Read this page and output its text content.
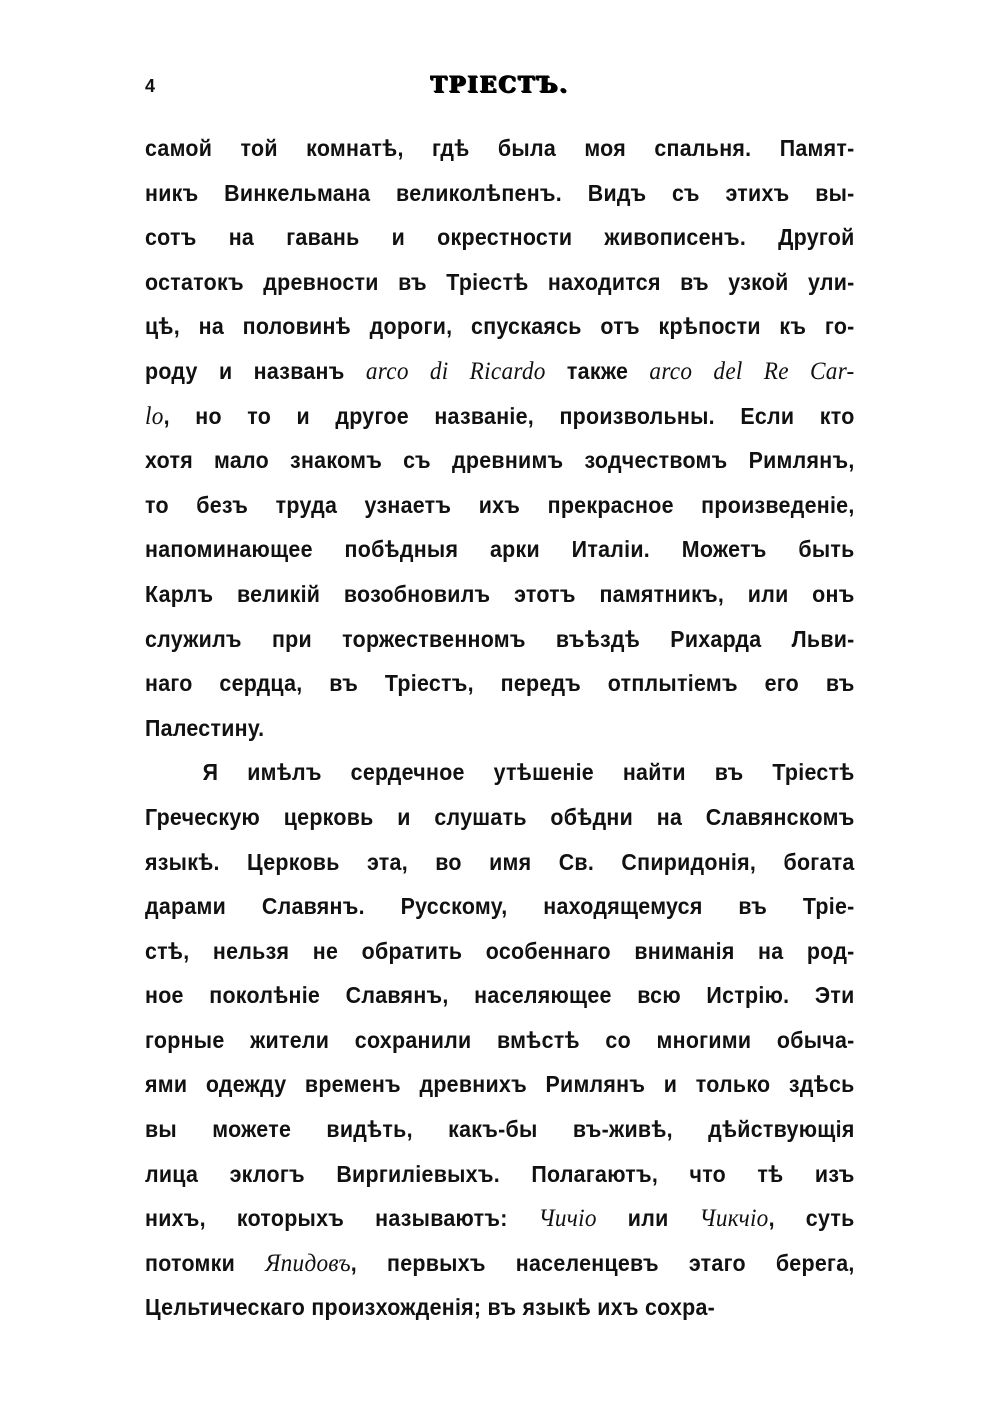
4	ТРІЕСТЪ.
самой той комнатѣ, гдѣ была моя спальня. Памят-
никъ Винкельмана великолѣпенъ. Видъ съ этихъ вы-
сотъ на гавань и окрестности живописенъ. Другой
остатокъ древности въ Тріестѣ находится въ узкой ули-
цѣ, на половинѣ дороги, спускаясь отъ крѣпости къ го-
роду и названъ arco di Ricardo также arco del Re Car-
lo, но то и другое названіе, произвольны. Если кто
хотя мало знакомъ съ древнимъ зодчествомъ Римлянъ,
то безъ труда узнаетъ ихъ прекрасное произведеніе,
напоминающее побѣдныя арки Италіи. Можетъ быть
Карлъ великій возобновилъ этотъ памятникъ, или онъ
служилъ при торжественномъ въѣздѣ Рихарда Льви-
наго сердца, въ Тріестъ, передъ отплытіемъ его въ
Палестину.
Я имѣлъ сердечное утѣшеніе найти въ Тріестѣ
Греческую церковь и слушать обѣдни на Славянскомъ
языкѣ. Церковь эта, во имя Св. Спиридонія, богата
дарами Славянъ. Русскому, находящемуся въ Тріе-
стѣ, нельзя не обратить особеннаго вниманія на род-
ное поколѣніе Славянъ, населяющее всю Истрію. Эти
горные жители сохранили вмѣстѣ со многими обыча-
ями одежду временъ древнихъ Римлянъ и только здѣсь
вы можете видѣть, какъ-бы въ-живѣ, дѣйствующія
лица эклогъ Виргиліевыхъ. Полагаютъ, что тѣ изъ
нихъ, которыхъ называютъ: Чичіо или Чикчіо, суть
потомки Япидовъ, первыхъ населенцевъ этаго берега,
Цельтическаго произхожденія; въ языкѣ ихъ сохра-
